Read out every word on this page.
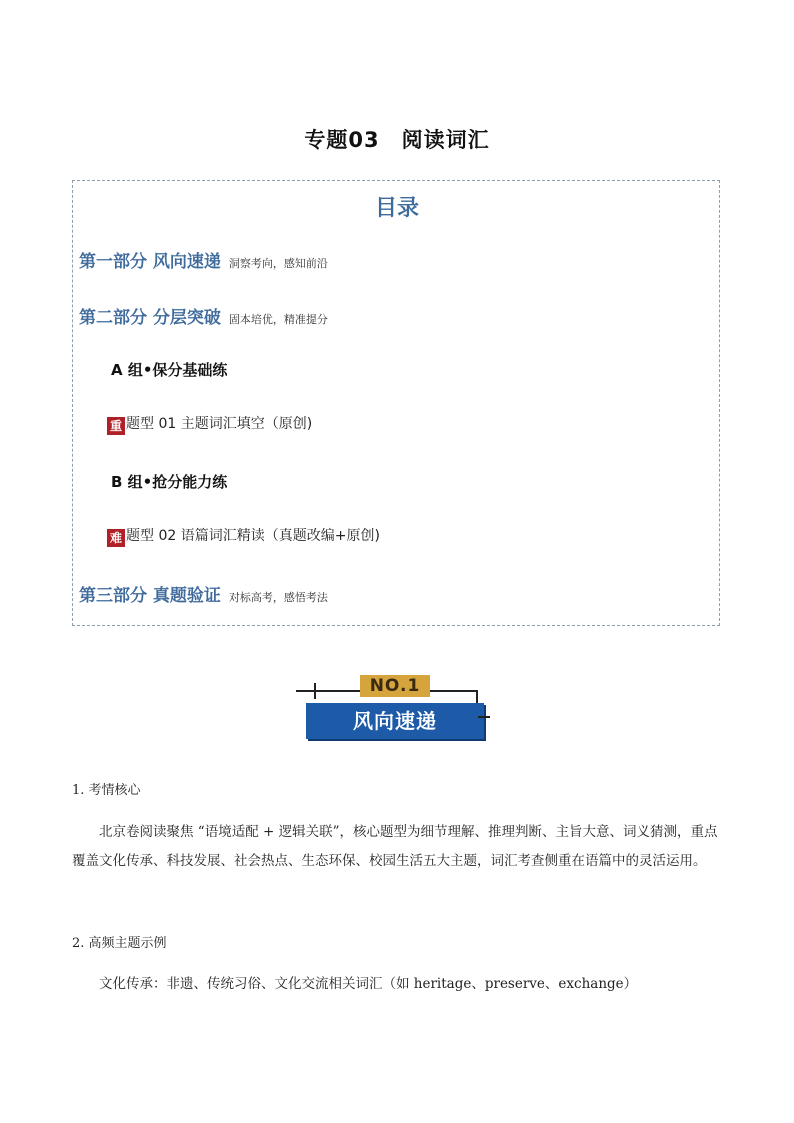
专题03 阅读词汇
目录
第一部分 风向速递 洞察考向，感知前沿
第二部分 分层突破 固本培优，精准提分
A 组•保分基础练
重 题型 01 主题词汇填空（原创)
B 组•抢分能力练
难 题型 02 语篇词汇精读（真题改编+原创)
第三部分 真题验证 对标高考，感悟考法
风向速递
NO.1
1. 考情核心
北京卷阅读聚焦 “语境适配 + 逻辑关联”，核心题型为细节理解、推理判断、主旨大意、词义猜测，重点覆盖文化传承、科技发展、社会热点、生态环保、校园生活五大主题，词汇考查侧重在语篇中的灵活运用。
2. 高频主题示例
文化传承：非遗、传统习俗、文化交流相关词汇（如 heritage、preserve、exchange）
